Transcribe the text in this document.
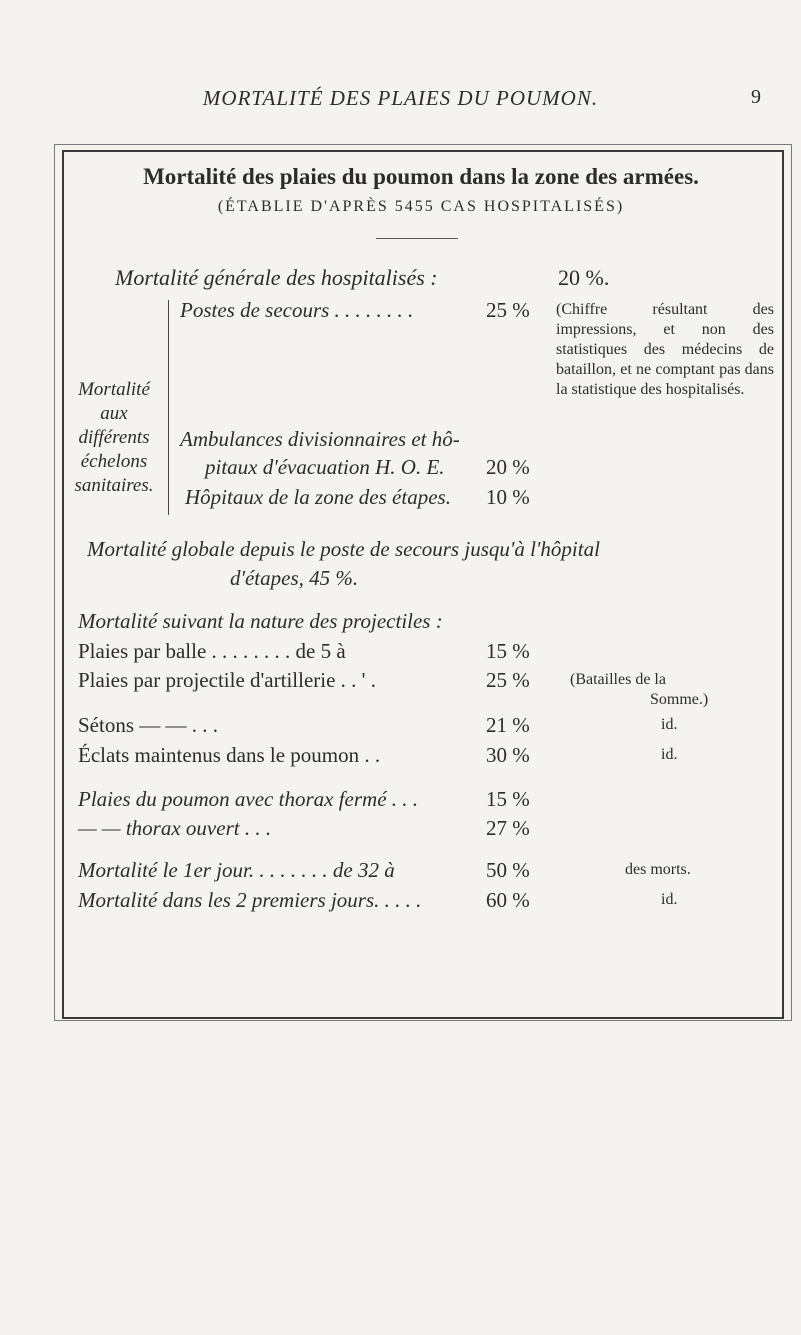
MORTALITÉ DES PLAIES DU POUMON.	9
Mortalité des plaies du poumon dans la zone des armées.
(ÉTABLIE D'APRÈS 5455 CAS HOSPITALISÉS)
Mortalité générale des hospitalisés :	20 %.
Mortalité
aux
différents
échelons
sanitaires.
Postes de secours . . . . . . . .	25 % (Chiffre résultant des impressions, et non des statistiques des médecins de bataillon, et ne comptant pas dans la statistique des hospitalisés.
Ambulances divisionnaires et hô-
pitaux d'évacuation H. O. E. 20 %
Hôpitaux de la zone des étapes. 10 %
Mortalité globale depuis le poste de secours jusqu'à l'hôpital
d'étapes, 45 %.
Mortalité suivant la nature des projectiles :
Plaies par balle . . . . . . . . de 5 à	15 %
Plaies par projectile d'artillerie . . ' .	25 %	(Batailles de la
Somme.)
Sétons — — . . .	21 %	id.
Éclats maintenus dans le poumon . .	30 %	id.
Plaies du poumon avec thorax fermé . . .	15 %
— — thorax ouvert . . .	27 %
Mortalité le 1er jour. . . . . . . . de 32 à	50 %	des morts.
Mortalité dans les 2 premiers jours. . . . .	60 %	id.
